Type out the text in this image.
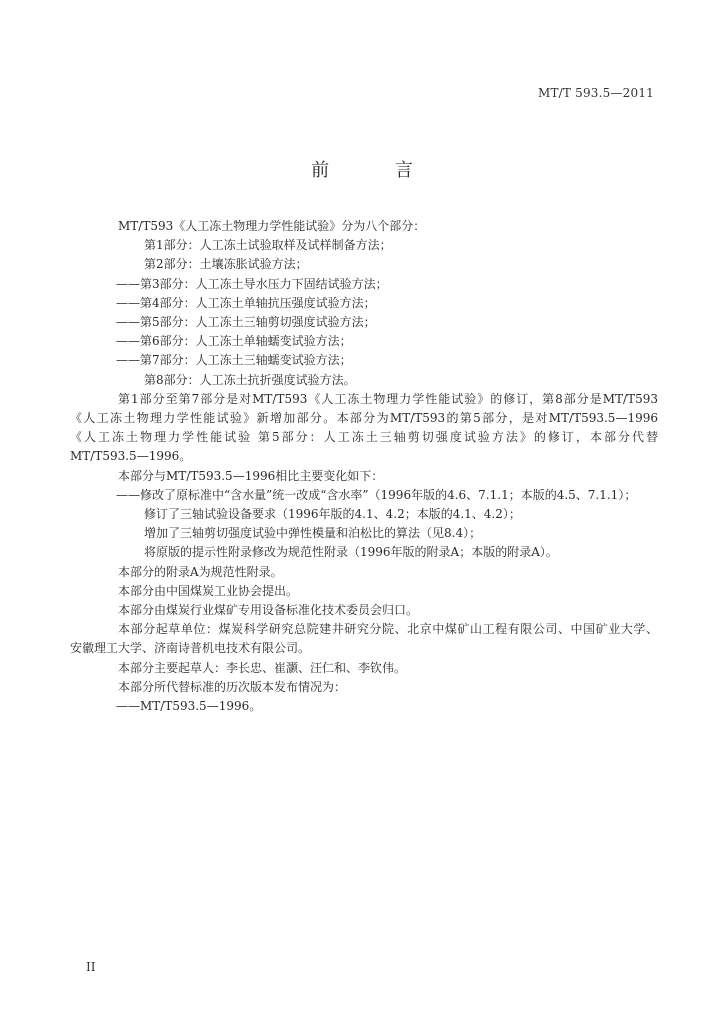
MT/T 593.5—2011
前 言
MT/T593《人工冻土物理力学性能试验》分为八个部分：
第1部分：人工冻土试验取样及试样制备方法；
第2部分：土壤冻胀试验方法；
——第3部分：人工冻土导水压力下固结试验方法；
——第4部分：人工冻土单轴抗压强度试验方法；
——第5部分：人工冻土三轴剪切强度试验方法；
——第6部分：人工冻土单轴蠕变试验方法；
——第7部分：人工冻土三轴蠕变试验方法；
第8部分：人工冻土抗折强度试验方法。
第1部分至第7部分是对MT/T593《人工冻土物理力学性能试验》的修订，第8部分是MT/T593
《人工冻土物理力学性能试验》新增加部分。本部分为MT/T593的第5部分，是对MT/T593.5—1996
《人工冻土物理力学性能试验 第5部分：人工冻土三轴剪切强度试验方法》的修订，本部分代替
MT/T593.5—1996。
本部分与MT/T593.5—1996相比主要变化如下：
——修改了原标准中“含水量”统一改成“含水率”（1996年版的4.6、7.1.1；本版的4.5、7.1.1）；
修订了三轴试验设备要求（1996年版的4.1、4.2；本版的4.1、4.2）；
增加了三轴剪切强度试验中弹性模量和泊松比的算法（见8.4）；
将原版的提示性附录修改为规范性附录（1996年版的附录A；本版的附录A）。
本部分的附录A为规范性附录。
本部分由中国煤炭工业协会提出。
本部分由煤炭行业煤矿专用设备标准化技术委员会归口。
本部分起草单位：煤炭科学研究总院建井研究分院、北京中煤矿山工程有限公司、中国矿业大学、
安徽理工大学、济南诗普机电技术有限公司。
本部分主要起草人：李长忠、崔灏、汪仁和、李钦伟。
本部分所代替标准的历次版本发布情况为：
——MT/T593.5—1996。
II
